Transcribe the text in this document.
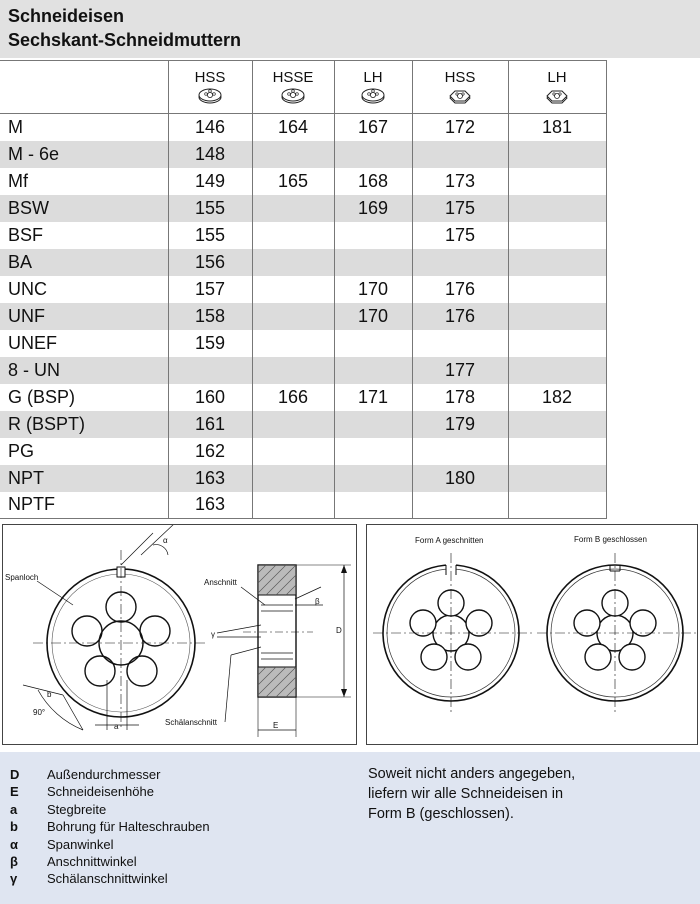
Schneideisen
Sechskant-Schneidmuttern
	HSS	HSSE	LH	HSS	LH

M	146	164	167	172	181
M - 6e	148				
Mf	149	165	168	173	
BSW	155		169	175	
BSF	155			175	
BA	156				
UNC	157		170	176	
UNF	158		170	176	
UNEF	159				
8 - UN				177	
G (BSP)	160	166	171	178	182
R (BSPT)	161			179	
PG	162				
NPT	163			180	
NPTF	163				
Spanloch
α
b
90°
a
Anschnitt
β
γ	D
E
Schälanschnitt
Form A geschnitten	Form B geschlossen
D	Außendurchmesser
E	Schneideisenhöhe
a	Stegbreite
b	Bohrung für Halteschrauben
α	Spanwinkel
β	Anschnittwinkel
γ	Schälanschnittwinkel
Soweit nicht anders angegeben,
liefern wir alle Schneideisen in
Form B (geschlossen).
